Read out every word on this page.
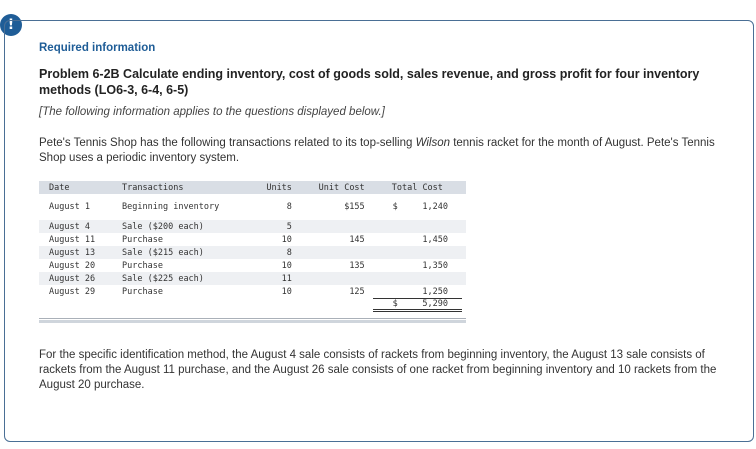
!
Required information
Problem 6-2B Calculate ending inventory, cost of goods sold, sales revenue, and gross profit for four inventory methods (LO6-3, 6-4, 6-5)
[The following information applies to the questions displayed below.]
Pete's Tennis Shop has the following transactions related to its top-selling Wilson tennis racket for the month of August. Pete's Tennis Shop uses a periodic inventory system.
Date	Transactions	Units	Unit Cost	Total Cost
August 1	Beginning inventory	8	$155	$ 1,240

August 4	Sale ($200 each)	5		

August 11	Purchase	10	145	1,450

August 13	Sale ($215 each)	8		

August 20	Purchase	10	135	1,350

August 26	Sale ($225 each)	11		

August 29	Purchase	10	125	1,250

				$ 5,290
For the specific identification method, the August 4 sale consists of rackets from beginning inventory, the August 13 sale consists of rackets from the August 11 purchase, and the August 26 sale consists of one racket from beginning inventory and 10 rackets from the August 20 purchase.
